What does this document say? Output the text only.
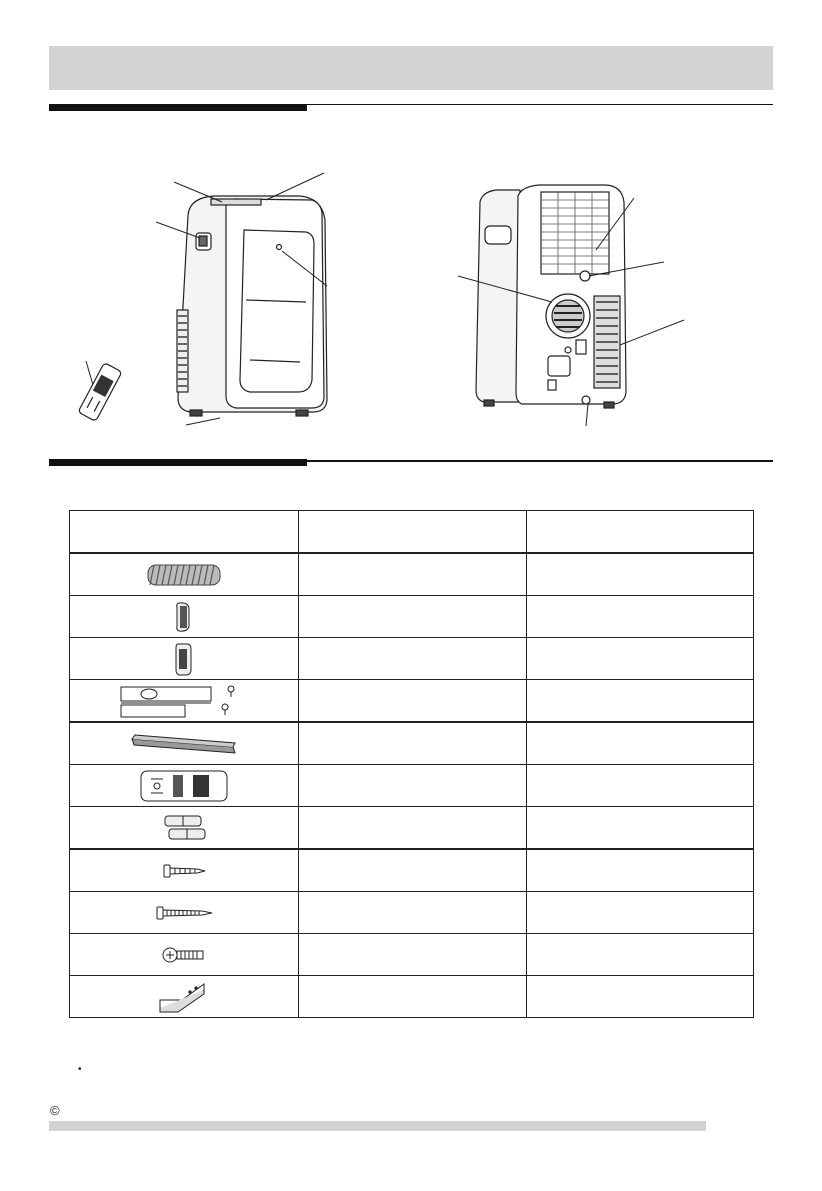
•
©
